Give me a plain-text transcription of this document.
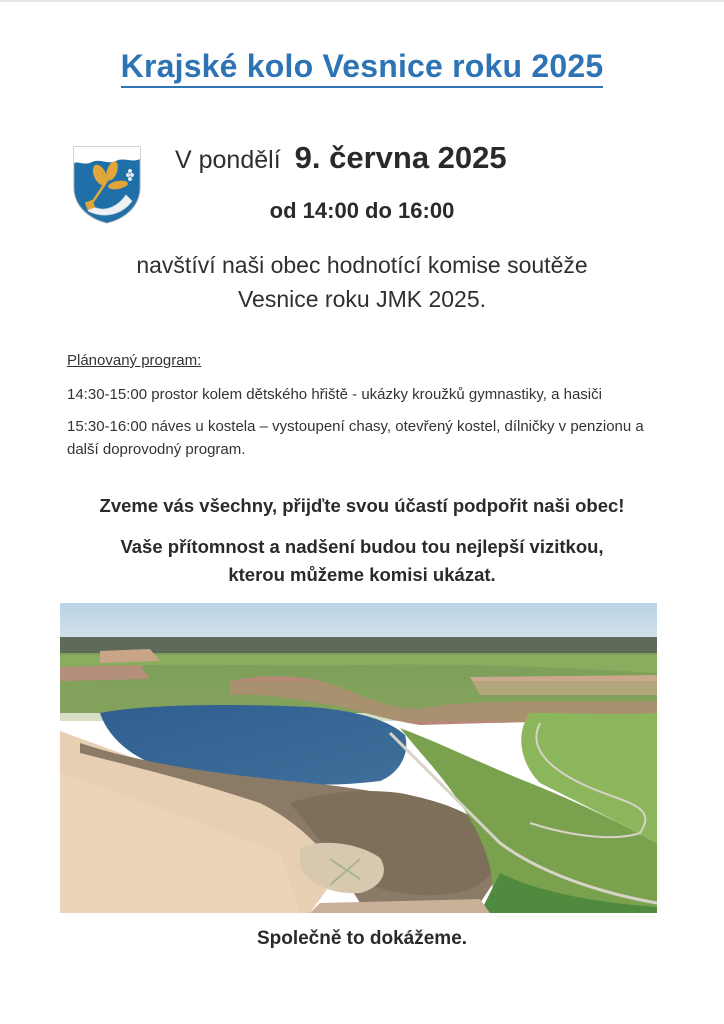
Krajské kolo Vesnice roku 2025
V pondělí 9. června 2025
od 14:00 do 16:00
navštíví naši obec hodnotící komise soutěže
Vesnice roku JMK 2025.
Plánovaný program:
14:30-15:00 prostor kolem dětského hřiště - ukázky kroužků gymnastiky, a hasiči
15:30-16:00 náves u kostela – vystoupení chasy, otevřený kostel, dílničky v penzionu a další doprovodný program.
Zveme vás všechny, přijďte svou účastí podpořit naši obec!
Vaše přítomnost a nadšení budou tou nejlepší vizitkou,
kterou můžeme komisi ukázat.
Společně to dokážeme.
